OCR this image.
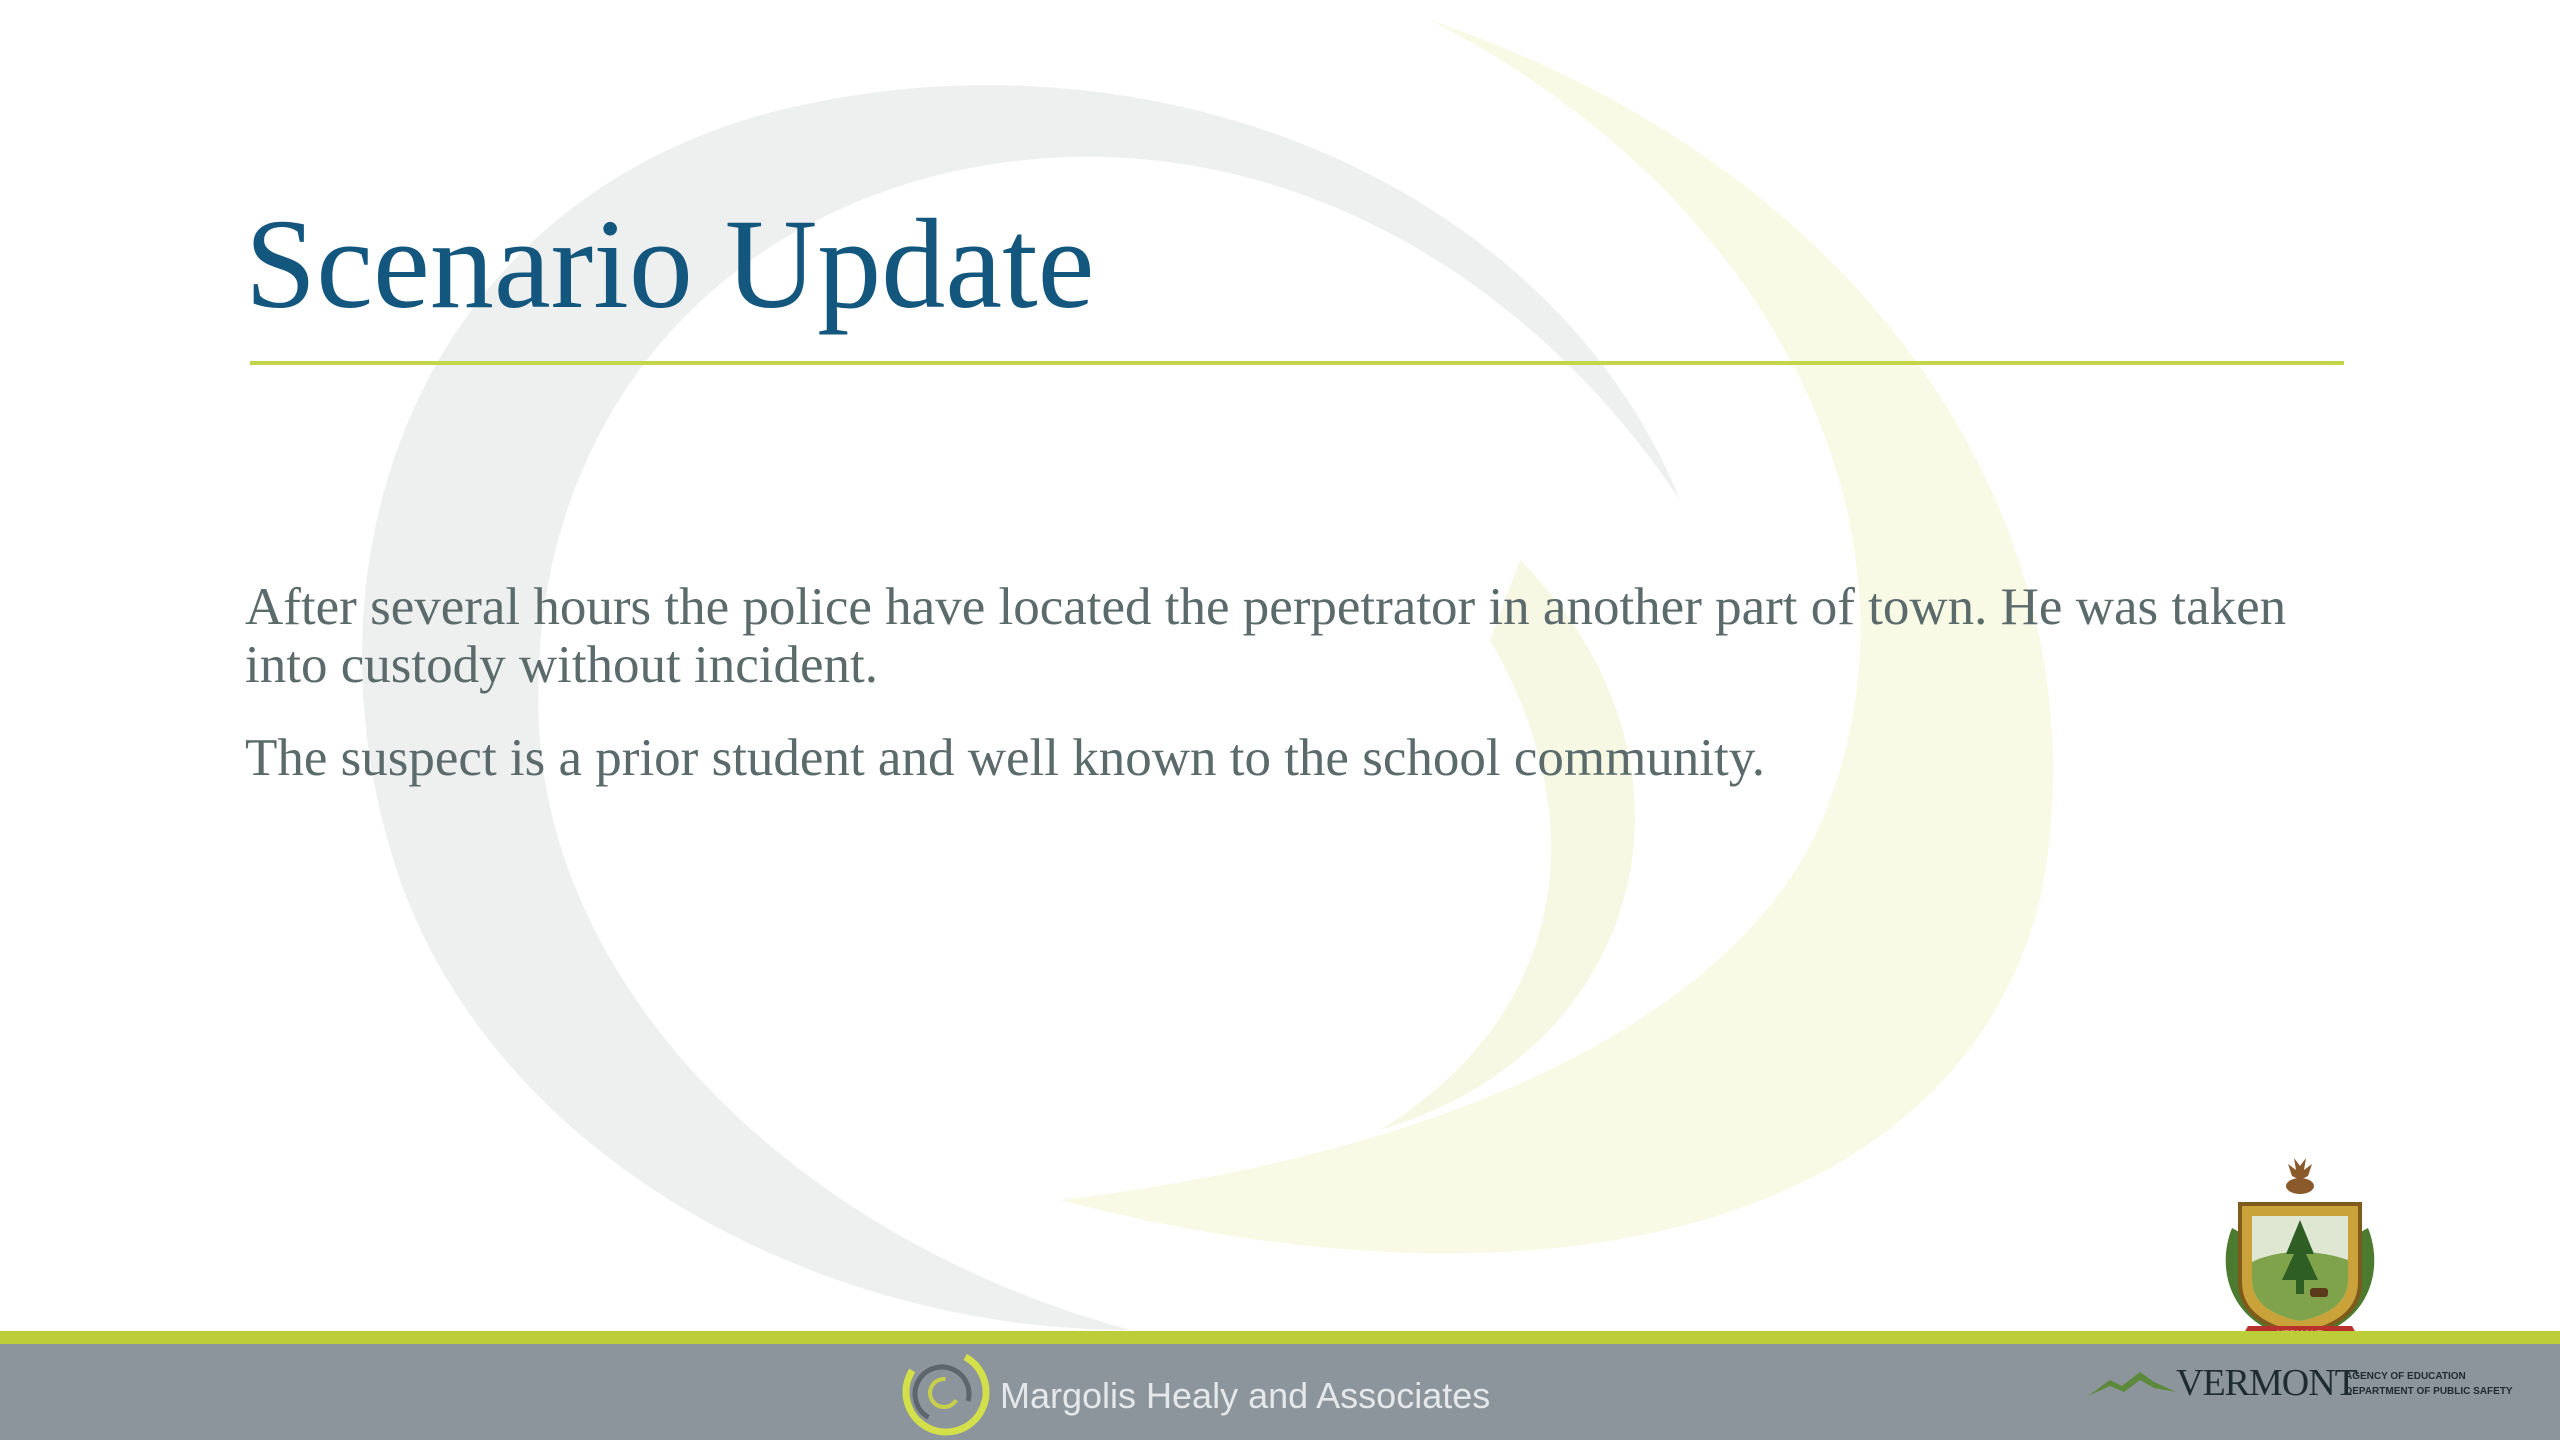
Scenario Update

After several hours the police have located the perpetrator in another part of town. He was taken into custody without incident.

The suspect is a prior student and well known to the school community.

Margolis Healy and Associates	VERMONT
AGENCY OF EDUCATION
DEPARTMENT OF PUBLIC SAFETY
